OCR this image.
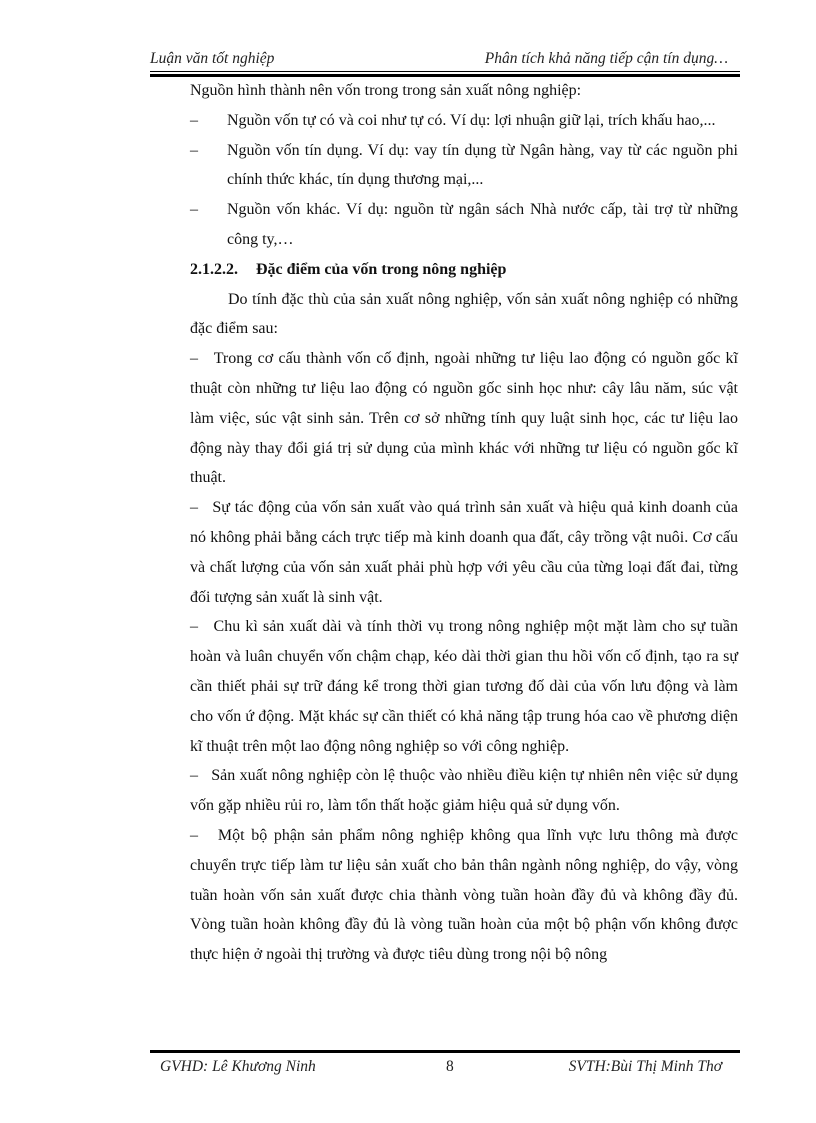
Luận văn tốt nghiệp	Phân tích khả năng tiếp cận tín dụng…

Nguồn hình thành nên vốn trong trong sản xuất nông nghiệp:

– Nguồn vốn tự có và coi như tự có. Ví dụ: lợi nhuận giữ lại, trích khấu hao,...

– Nguồn vốn tín dụng. Ví dụ: vay tín dụng từ Ngân hàng, vay từ các nguồn phi chính thức khác, tín dụng thương mại,...

– Nguồn vốn khác. Ví dụ: nguồn từ ngân sách Nhà nước cấp, tài trợ từ những công ty,…

2.1.2.2. Đặc điểm của vốn trong nông nghiệp

Do tính đặc thù của sản xuất nông nghiệp, vốn sản xuất nông nghiệp có những đặc điểm sau:

– Trong cơ cấu thành vốn cố định, ngoài những tư liệu lao động có nguồn gốc kĩ thuật còn những tư liệu lao động có nguồn gốc sinh học như: cây lâu năm, súc vật làm việc, súc vật sinh sản. Trên cơ sở những tính quy luật sinh học, các tư liệu lao động này thay đổi giá trị sử dụng của mình khác với những tư liệu có nguồn gốc kĩ thuật.

– Sự tác động của vốn sản xuất vào quá trình sản xuất và hiệu quả kinh doanh của nó không phải bằng cách trực tiếp mà kinh doanh qua đất, cây trồng vật nuôi. Cơ cấu và chất lượng của vốn sản xuất phải phù hợp với yêu cầu của từng loại đất đai, từng đối tượng sản xuất là sinh vật.

– Chu kì sản xuất dài và tính thời vụ trong nông nghiệp một mặt làm cho sự tuần hoàn và luân chuyển vốn chậm chạp, kéo dài thời gian thu hồi vốn cố định, tạo ra sự cần thiết phải sự trữ đáng kể trong thời gian tương đố dài của vốn lưu động và làm cho vốn ứ động. Mặt khác sự cần thiết có khả năng tập trung hóa cao về phương diện kĩ thuật trên một lao động nông nghiệp so với công nghiệp.

– Sản xuất nông nghiệp còn lệ thuộc vào nhiều điều kiện tự nhiên nên việc sử dụng vốn gặp nhiều rủi ro, làm tổn thất hoặc giảm hiệu quả sử dụng vốn.

– Một bộ phận sản phẩm nông nghiệp không qua lĩnh vực lưu thông mà được chuyển trực tiếp làm tư liệu sản xuất cho bản thân ngành nông nghiệp, do vậy, vòng tuần hoàn vốn sản xuất được chia thành vòng tuần hoàn đầy đủ và không đầy đủ. Vòng tuần hoàn không đầy đủ là vòng tuần hoàn của một bộ phận vốn không được thực hiện ở ngoài thị trường và được tiêu dùng trong nội bộ nông

GVHD: Lê Khương Ninh	8	SVTH:Bùi Thị Minh Thơ
